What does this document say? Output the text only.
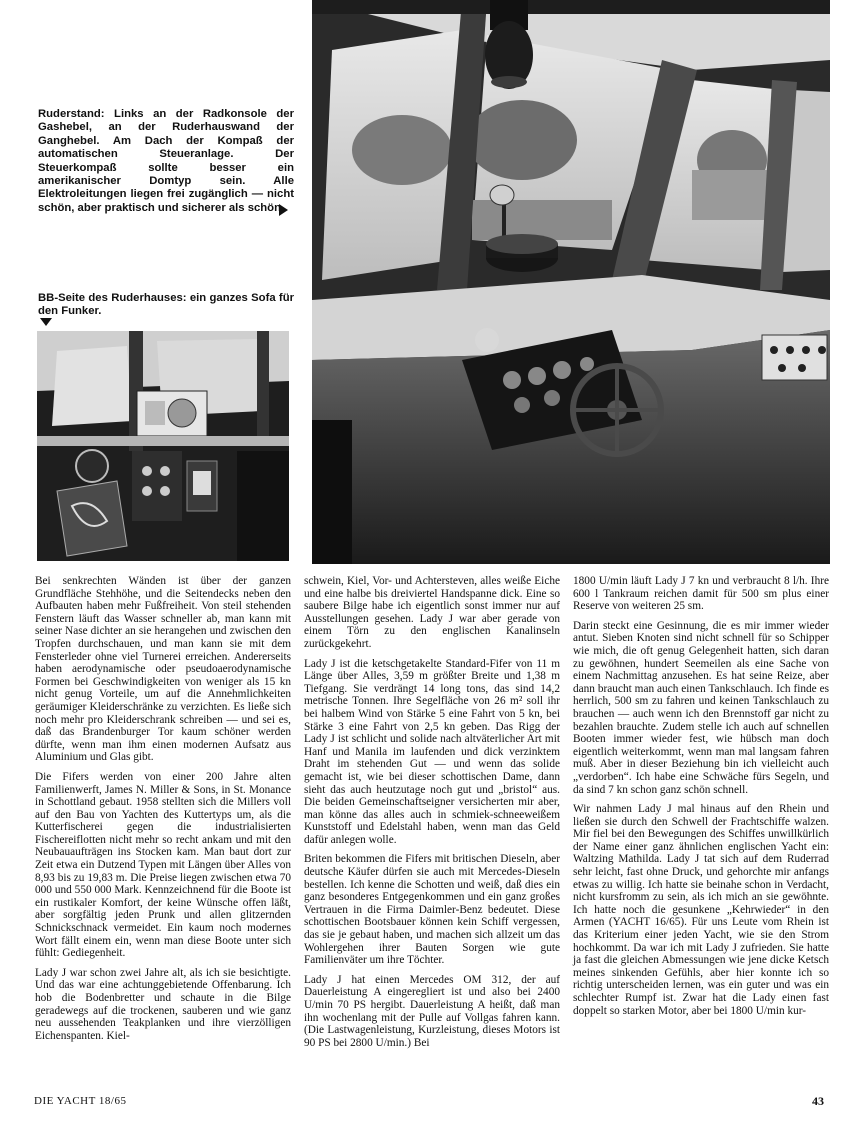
Ruderstand: Links an der Radkonsole der Gashebel, an der Ruderhauswand der Ganghebel. Am Dach der Kompaß der automatischen Steueranlage. Der Steuerkompaß sollte besser ein amerikanischer Domtyp sein. Alle Elektroleitungen liegen frei zugänglich — nicht schön, aber praktisch und sicherer als schön.

BB-Seite des Ruderhauses: ein ganzes Sofa für den Funker.

Bei senkrechten Wänden ist über der ganzen Grundfläche Stehhöhe, und die Seitendecks neben den Aufbauten haben mehr Fußfreiheit. Von steil stehenden Fenstern läuft das Wasser schneller ab, man kann mit seiner Nase dichter an sie herangehen und zwischen den Tropfen durchschauen, und man kann sie mit dem Fensterleder ohne viel Turnerei erreichen. Andererseits haben aerodynamische oder pseudoaerodynamische Formen bei Geschwindigkeiten von weniger als 15 kn nicht genug Vorteile, um auf die Annehmlichkeiten geräumiger Kleiderschränke zu verzichten. Es ließe sich noch mehr pro Kleiderschrank schreiben — und sei es, daß das Brandenburger Tor kaum schöner werden dürfte, wenn man ihm einen modernen Aufsatz aus Aluminium und Glas gibt.

Die Fifers werden von einer 200 Jahre alten Familienwerft, James N. Miller & Sons, in St. Monance in Schottland gebaut. 1958 stellten sich die Millers voll auf den Bau von Yachten des Kuttertyps um, als die Kutterfischerei gegen die industrialisierten Fischereiflotten nicht mehr so recht ankam und mit den Neubauaufträgen ins Stocken kam. Man baut dort zur Zeit etwa ein Dutzend Typen mit Längen über Alles von 8,93 bis zu 19,83 m. Die Preise liegen zwischen etwa 70 000 und 550 000 Mark. Kennzeichnend für die Boote ist ein rustikaler Komfort, der keine Wünsche offen läßt, aber sorgfältig jeden Prunk und allen glitzernden Schnickschnack vermeidet. Ein kaum noch modernes Wort fällt einem ein, wenn man diese Boote unter sich fühlt: Gediegenheit.

Lady J war schon zwei Jahre alt, als ich sie besichtigte. Und das war eine achtunggebietende Offenbarung. Ich hob die Bodenbretter und schaute in die Bilge geradewegs auf die trockenen, sauberen und wie ganz neu aussehenden Teakplanken und ihre vierzölligen Eichenspanten. Kiel-

schwein, Kiel, Vor- und Achtersteven, alles weiße Eiche und eine halbe bis dreiviertel Handspanne dick. Eine so saubere Bilge habe ich eigentlich sonst immer nur auf Ausstellungen gesehen. Lady J war aber gerade von einem Törn zu den englischen Kanalinseln zurückgekehrt.

Lady J ist die ketschgetakelte Standard-Fifer von 11 m Länge über Alles, 3,59 m größter Breite und 1,38 m Tiefgang. Sie verdrängt 14 long tons, das sind 14,2 metrische Tonnen. Ihre Segelfläche von 26 m² soll ihr bei halbem Wind von Stärke 5 eine Fahrt von 5 kn, bei Stärke 3 eine Fahrt von 2,5 kn geben. Das Rigg der Lady J ist schlicht und solide nach altväterlicher Art mit Hanf und Manila im laufenden und dick verzinktem Draht im stehenden Gut — und wenn das solide gemacht ist, wie bei dieser schottischen Dame, dann sieht das auch heutzutage noch gut und „bristol“ aus. Die beiden Gemeinschaftseigner versicherten mir aber, man könne das alles auch in schmiek-schneeweißem Kunststoff und Edelstahl haben, wenn man das Geld dafür anlegen wolle.

Briten bekommen die Fifers mit britischen Dieseln, aber deutsche Käufer dürfen sie auch mit Mercedes-Dieseln bestellen. Ich kenne die Schotten und weiß, daß dies ein ganz besonderes Entgegenkommen und ein ganz großes Vertrauen in die Firma Daimler-Benz bedeutet. Diese schottischen Bootsbauer können kein Schiff vergessen, das sie je gebaut haben, und machen sich allzeit um das Wohlergehen ihrer Bauten Sorgen wie gute Familienväter um ihre Töchter.

Lady J hat einen Mercedes OM 312, der auf Dauerleistung A eingeregliert ist und also bei 2400 U/min 70 PS hergibt. Dauerleistung A heißt, daß man ihn wochenlang mit der Pulle auf Vollgas fahren kann. (Die Lastwagenleistung, Kurzleistung, dieses Motors ist 90 PS bei 2800 U/min.) Bei

1800 U/min läuft Lady J 7 kn und verbraucht 8 l/h. Ihre 600 l Tankraum reichen damit für 500 sm plus einer Reserve von weiteren 25 sm.

Darin steckt eine Gesinnung, die es mir immer wieder antut. Sieben Knoten sind nicht schnell für so Schipper wie mich, die oft genug Gelegenheit hatten, sich daran zu gewöhnen, hundert Seemeilen als eine Sache von einem Nachmittag anzusehen. Es hat seine Reize, aber dann braucht man auch einen Tankschlauch. Ich finde es herrlich, 500 sm zu fahren und keinen Tankschlauch zu brauchen — auch wenn ich den Brennstoff gar nicht zu bezahlen brauchte. Zudem stelle ich auch auf schnellen Booten immer wieder fest, wie hübsch man doch eigentlich weiterkommt, wenn man mal langsam fahren muß. Aber in dieser Beziehung bin ich vielleicht auch „verdorben“. Ich habe eine Schwäche fürs Segeln, und da sind 7 kn schon ganz schön schnell.

Wir nahmen Lady J mal hinaus auf den Rhein und ließen sie durch den Schwell der Frachtschiffe walzen. Mir fiel bei den Bewegungen des Schiffes unwillkürlich der Name einer ganz ähnlichen englischen Yacht ein: Waltzing Mathilda. Lady J tat sich auf dem Ruderrad sehr leicht, fast ohne Druck, und gehorchte mir anfangs etwas zu willig. Ich hatte sie beinahe schon in Verdacht, nicht kursfromm zu sein, als ich mich an sie gewöhnte. Ich hatte noch die gesunkene „Kehrwieder“ in den Armen (YACHT 16/65). Für uns Leute vom Rhein ist das Kriterium einer jeden Yacht, wie sie den Strom hochkommt. Da war ich mit Lady J zufrieden. Sie hatte ja fast die gleichen Abmessungen wie jene dicke Ketsch meines sinkenden Gefühls, aber hier konnte ich so richtig unterscheiden lernen, was ein guter und was ein schlechter Rumpf ist. Zwar hat die Lady einen fast doppelt so starken Motor, aber bei 1800 U/min kur-

DIE YACHT 18/65	43
